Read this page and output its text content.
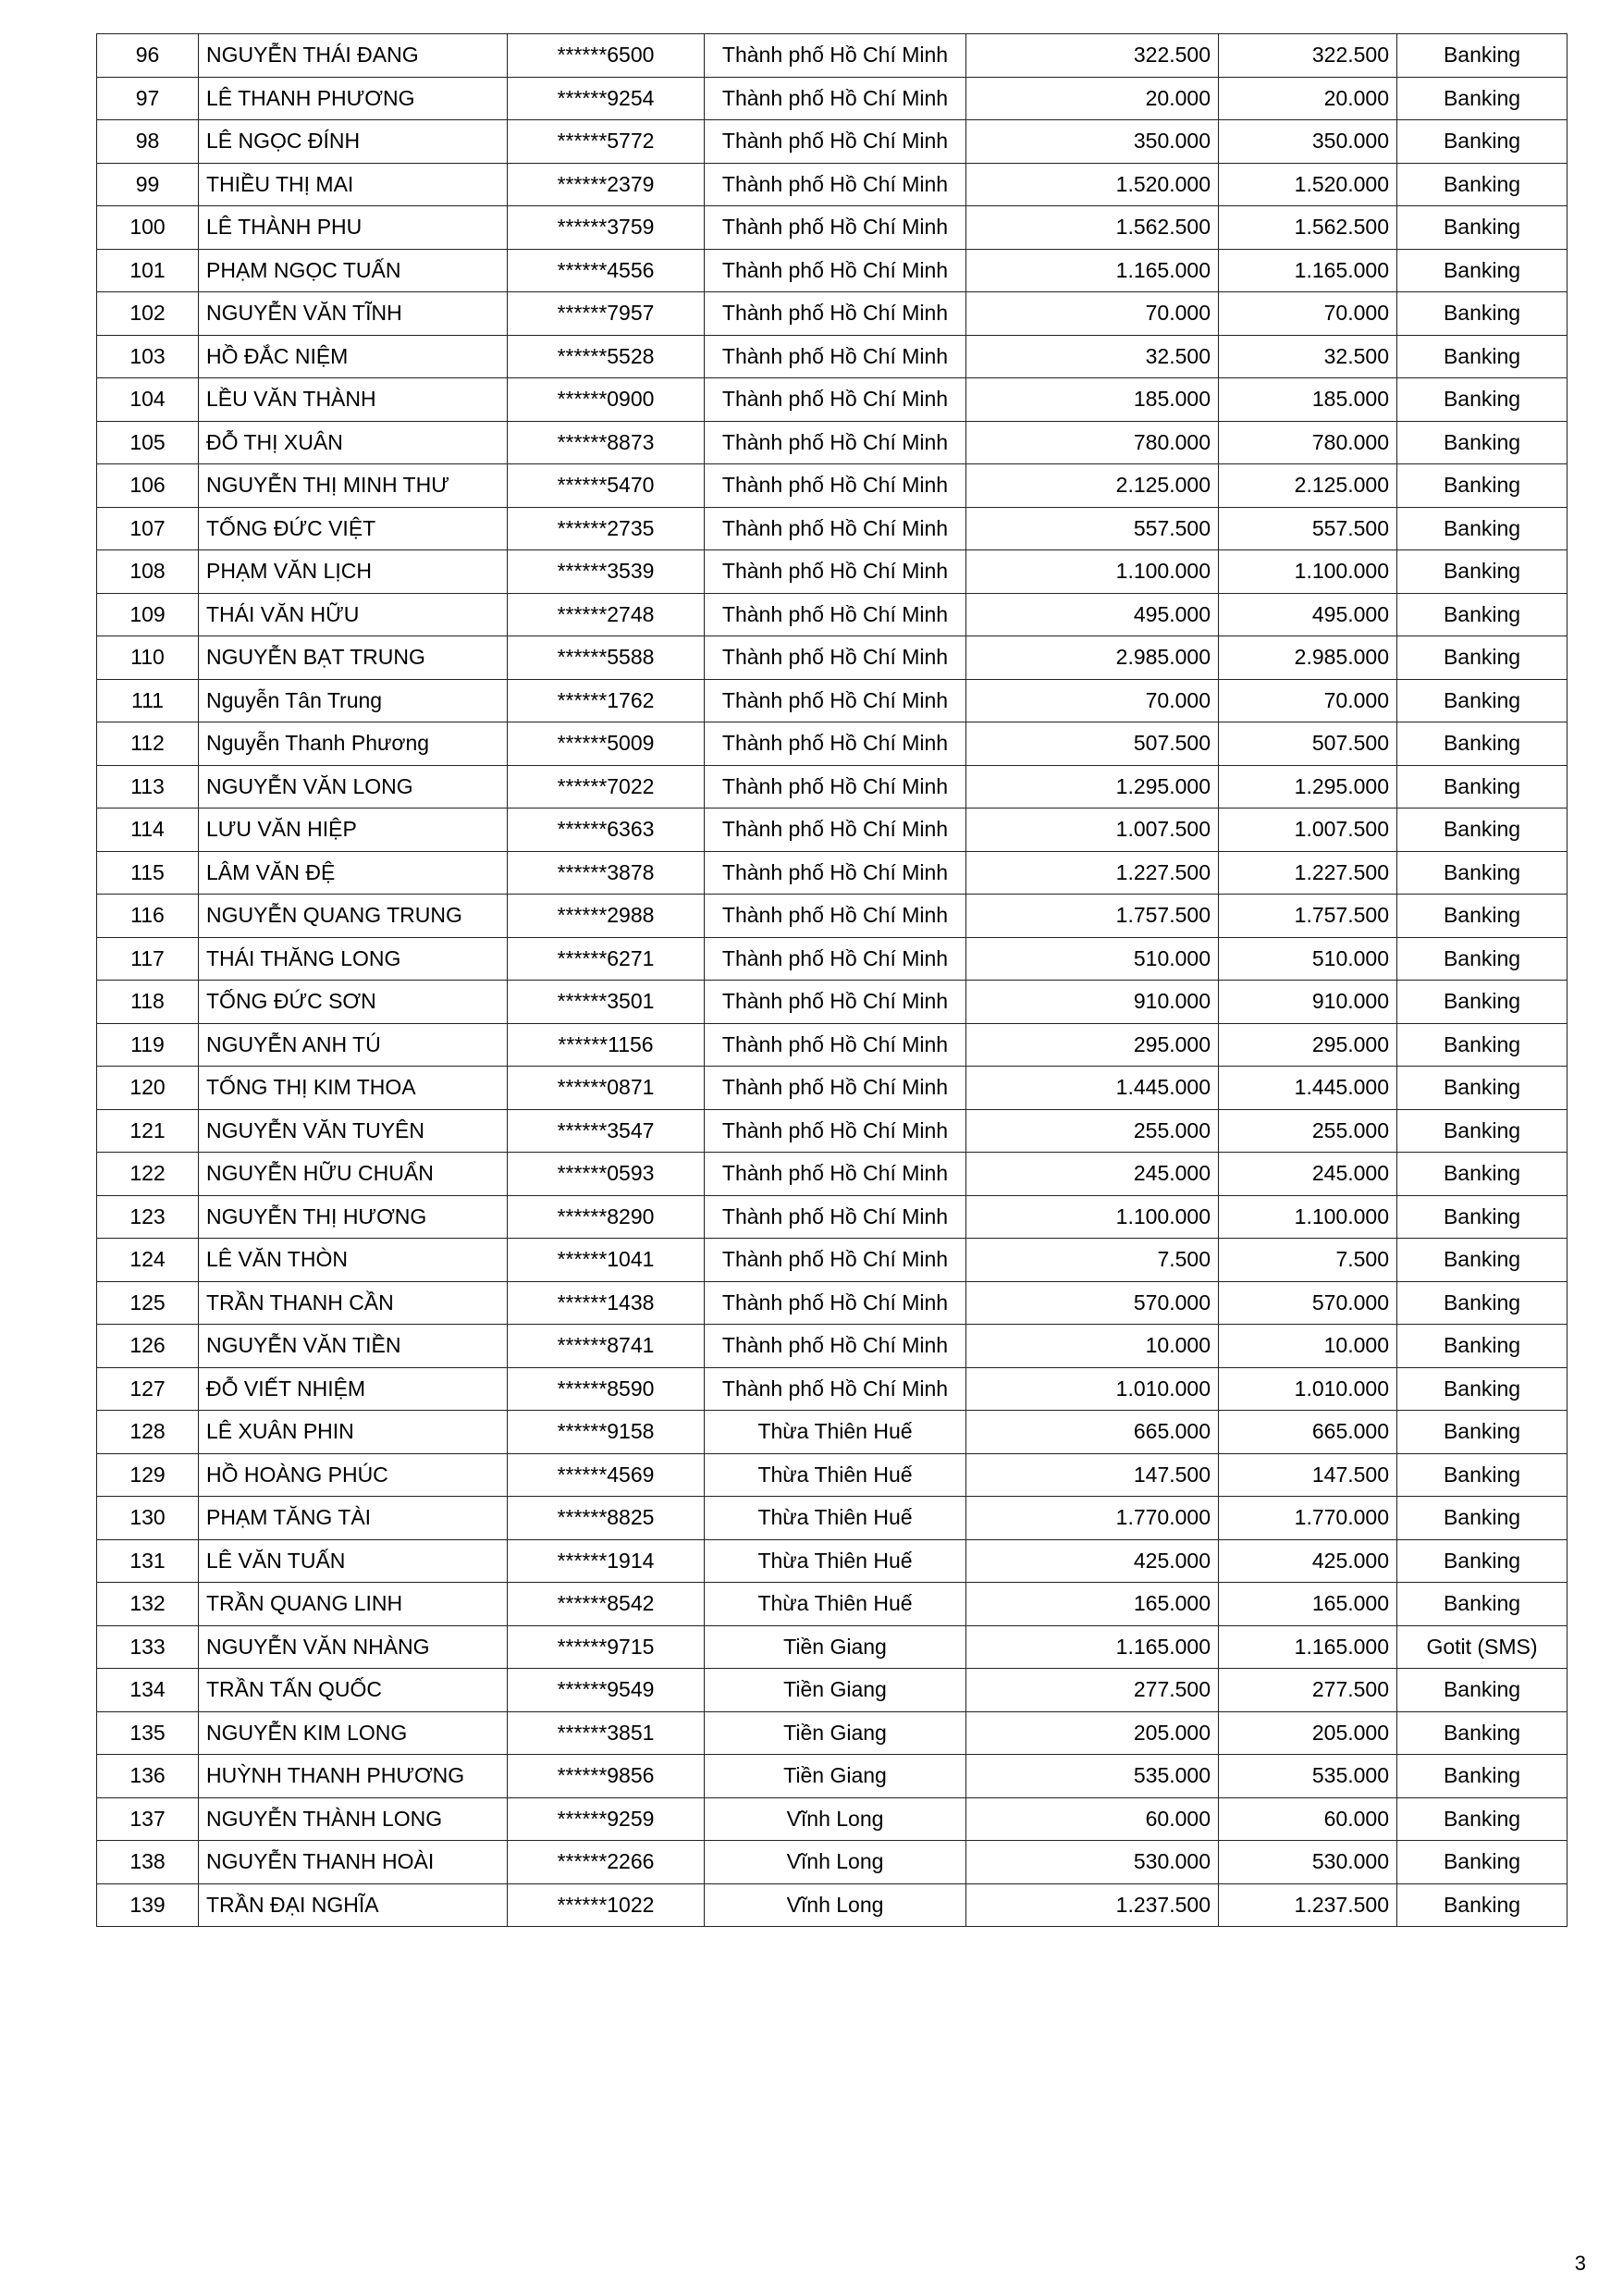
96	NGUYỄN THÁI ĐANG	******6500	Thành phố Hồ Chí Minh	322.500	322.500	Banking
97	LÊ THANH PHƯƠNG	******9254	Thành phố Hồ Chí Minh	20.000	20.000	Banking
98	LÊ NGỌC ĐÍNH	******5772	Thành phố Hồ Chí Minh	350.000	350.000	Banking
99	THIỀU THỊ MAI	******2379	Thành phố Hồ Chí Minh	1.520.000	1.520.000	Banking
100	LÊ THÀNH PHU	******3759	Thành phố Hồ Chí Minh	1.562.500	1.562.500	Banking
101	PHẠM NGỌC TUẤN	******4556	Thành phố Hồ Chí Minh	1.165.000	1.165.000	Banking
102	NGUYỄN VĂN TĨNH	******7957	Thành phố Hồ Chí Minh	70.000	70.000	Banking
103	HỒ ĐẮC NIỆM	******5528	Thành phố Hồ Chí Minh	32.500	32.500	Banking
104	LỀU VĂN THÀNH	******0900	Thành phố Hồ Chí Minh	185.000	185.000	Banking
105	ĐỖ THỊ XUÂN	******8873	Thành phố Hồ Chí Minh	780.000	780.000	Banking
106	NGUYỄN THỊ MINH THƯ	******5470	Thành phố Hồ Chí Minh	2.125.000	2.125.000	Banking
107	TỐNG ĐỨC VIỆT	******2735	Thành phố Hồ Chí Minh	557.500	557.500	Banking
108	PHẠM VĂN LỊCH	******3539	Thành phố Hồ Chí Minh	1.100.000	1.100.000	Banking
109	THÁI VĂN HỮU	******2748	Thành phố Hồ Chí Minh	495.000	495.000	Banking
110	NGUYỄN BẠT TRUNG	******5588	Thành phố Hồ Chí Minh	2.985.000	2.985.000	Banking
111	Nguyễn Tân Trung	******1762	Thành phố Hồ Chí Minh	70.000	70.000	Banking
112	Nguyễn Thanh Phương	******5009	Thành phố Hồ Chí Minh	507.500	507.500	Banking
113	NGUYỄN VĂN LONG	******7022	Thành phố Hồ Chí Minh	1.295.000	1.295.000	Banking
114	LƯU VĂN HIỆP	******6363	Thành phố Hồ Chí Minh	1.007.500	1.007.500	Banking
115	LÂM VĂN ĐỆ	******3878	Thành phố Hồ Chí Minh	1.227.500	1.227.500	Banking
116	NGUYỄN QUANG TRUNG	******2988	Thành phố Hồ Chí Minh	1.757.500	1.757.500	Banking
117	THÁI THĂNG LONG	******6271	Thành phố Hồ Chí Minh	510.000	510.000	Banking
118	TỐNG ĐỨC SƠN	******3501	Thành phố Hồ Chí Minh	910.000	910.000	Banking
119	NGUYỄN ANH TÚ	******1156	Thành phố Hồ Chí Minh	295.000	295.000	Banking
120	TỐNG THỊ KIM THOA	******0871	Thành phố Hồ Chí Minh	1.445.000	1.445.000	Banking
121	NGUYỄN VĂN TUYÊN	******3547	Thành phố Hồ Chí Minh	255.000	255.000	Banking
122	NGUYỄN HỮU CHUẨN	******0593	Thành phố Hồ Chí Minh	245.000	245.000	Banking
123	NGUYỄN THỊ HƯƠNG	******8290	Thành phố Hồ Chí Minh	1.100.000	1.100.000	Banking
124	LÊ VĂN THÒN	******1041	Thành phố Hồ Chí Minh	7.500	7.500	Banking
125	TRẦN THANH CẦN	******1438	Thành phố Hồ Chí Minh	570.000	570.000	Banking
126	NGUYỄN VĂN TIỀN	******8741	Thành phố Hồ Chí Minh	10.000	10.000	Banking
127	ĐỖ VIẾT NHIỆM	******8590	Thành phố Hồ Chí Minh	1.010.000	1.010.000	Banking
128	LÊ XUÂN PHIN	******9158	Thừa Thiên Huế	665.000	665.000	Banking
129	HỒ HOÀNG PHÚC	******4569	Thừa Thiên Huế	147.500	147.500	Banking
130	PHẠM TĂNG TÀI	******8825	Thừa Thiên Huế	1.770.000	1.770.000	Banking
131	LÊ VĂN TUẤN	******1914	Thừa Thiên Huế	425.000	425.000	Banking
132	TRẦN QUANG LINH	******8542	Thừa Thiên Huế	165.000	165.000	Banking
133	NGUYỄN VĂN NHÀNG	******9715	Tiền Giang	1.165.000	1.165.000	Gotit (SMS)
134	TRẦN TẤN QUỐC	******9549	Tiền Giang	277.500	277.500	Banking
135	NGUYỄN KIM LONG	******3851	Tiền Giang	205.000	205.000	Banking
136	HUỲNH THANH PHƯƠNG	******9856	Tiền Giang	535.000	535.000	Banking
137	NGUYỄN THÀNH LONG	******9259	Vĩnh Long	60.000	60.000	Banking
138	NGUYỄN THANH HOÀI	******2266	Vĩnh Long	530.000	530.000	Banking
139	TRẦN ĐẠI NGHĨA	******1022	Vĩnh Long	1.237.500	1.237.500	Banking
3
